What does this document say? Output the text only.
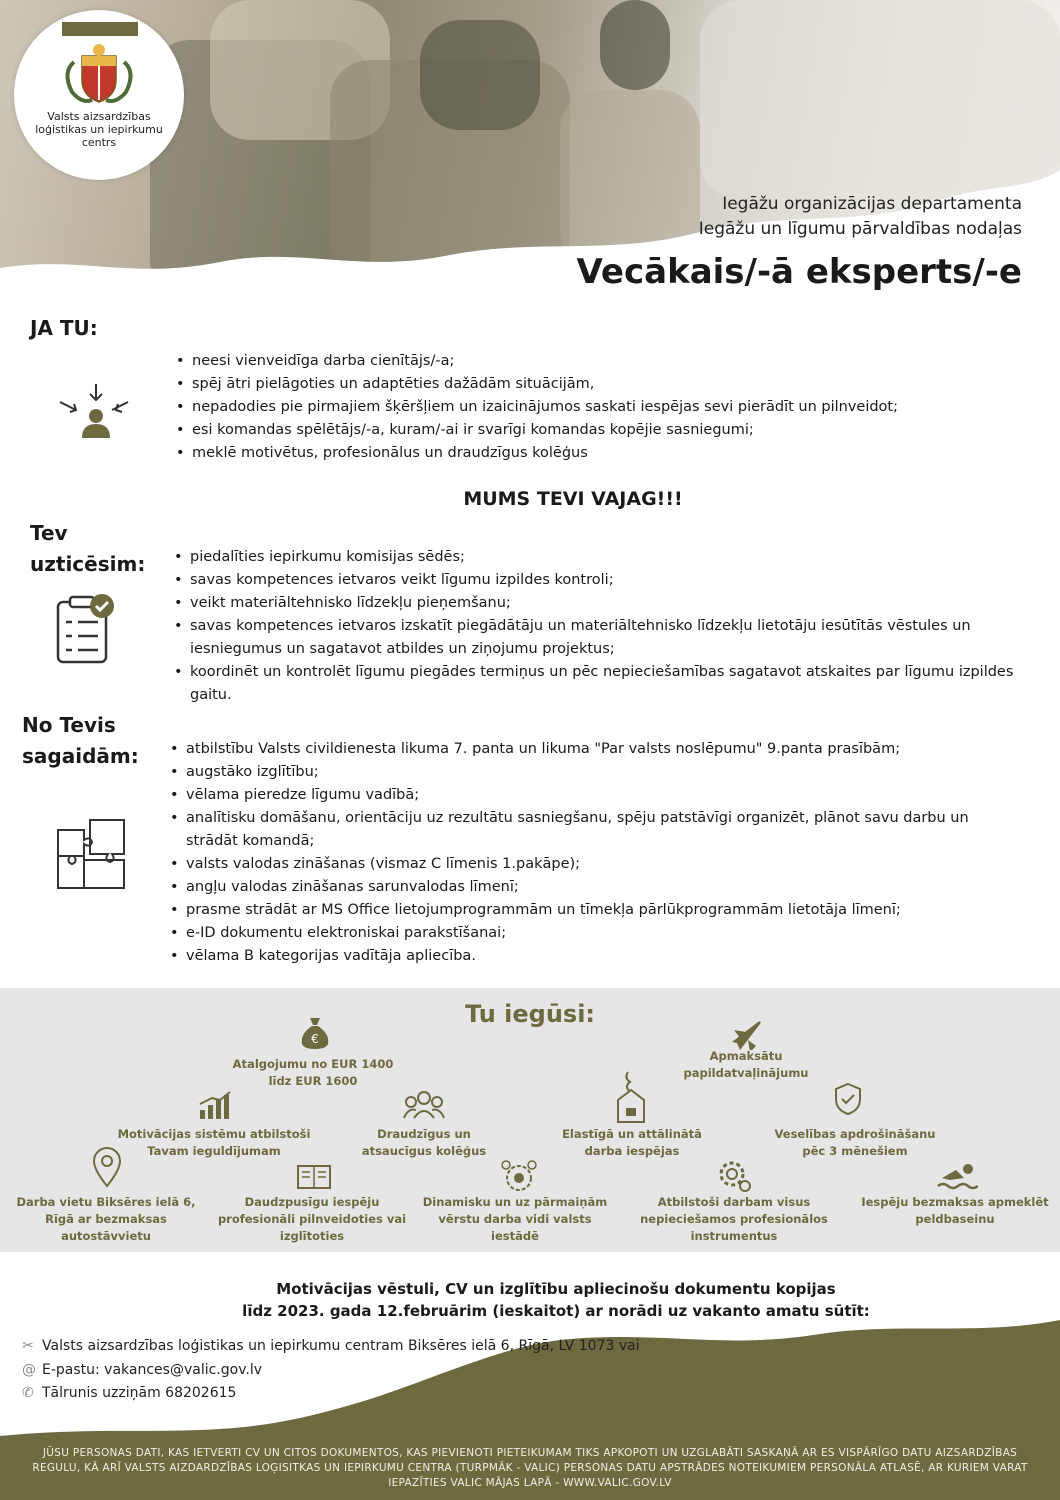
Valsts aizsardzības
loģistikas un iepirkumu
centrs
Iegāžu organizācijas departamenta
Iegāžu un līgumu pārvaldības nodaļas
Vecākais/-ā eksperts/-e
JA TU:
• neesi vienveidīga darba cienītājs/-a;
• spēj ātri pielāgoties un adaptēties dažādām situācijām,
• nepadodies pie pirmajiem šķēršļiem un izaicinājumos saskati iespējas sevi pierādīt un pilnveidot;
• esi komandas spēlētājs/-a, kuram/-ai ir svarīgi komandas kopējie sasniegumi;
• meklē motivētus, profesionālus un draudzīgus kolēģus
MUMS TEVI VAJAG!!!
Tev
uzticēsim:	• piedalīties iepirkumu komisijas sēdēs;
• savas kompetences ietvaros veikt līgumu izpildes kontroli;
• veikt materiāltehnisko līdzekļu pieņemšanu;
• savas kompetences ietvaros izskatīt piegādātāju un materiāltehnisko līdzekļu lietotāju iesūtītās vēstules un iesniegumus un sagatavot atbildes un ziņojumu projektus;
• koordinēt un kontrolēt līgumu piegādes termiņus un pēc nepieciešamības sagatavot atskaites par līgumu izpildes gaitu.
No Tevis
sagaidām:	• atbilstību Valsts civildienesta likuma 7. panta un likuma "Par valsts noslēpumu" 9.panta prasībām;
• augstāko izglītību;
• vēlama pieredze līgumu vadībā;
• analītisku domāšanu, orientāciju uz rezultātu sasniegšanu, spēju patstāvīgi organizēt, plānot savu darbu un strādāt komandā;
• valsts valodas zināšanas (vismaz C līmenis 1.pakāpe);
• angļu valodas zināšanas sarunvalodas līmenī;
• prasme strādāt ar MS Office lietojumprogrammām un tīmekļa pārlūkprogrammām lietotāja līmenī;
• e-ID dokumentu elektroniskai parakstīšanai;
• vēlama B kategorijas vadītāja apliecība.
Tu iegūsi:
€
Atalgojumu no EUR 1400 līdz EUR 1600
Apmaksātu papildatvaļinājumu
Motivācijas sistēmu atbilstoši Tavam ieguldījumam
Draudzīgus un atsaucīgus kolēģus
Elastīgā un attālinātā darba iespējas
Veselības apdrošināšanu pēc 3 mēnešiem
Darba vietu Biksēres ielā 6, Rīgā ar bezmaksas autostāvvietu
Daudzpusīgu iespēju profesionāli pilnveidoties vai izglītoties
Dinamisku un uz pārmaiņām vērstu darba vidi valsts iestādē
Atbilstoši darbam visus nepieciešamos profesionālos instrumentus
Iespēju bezmaksas apmeklēt peldbaseinu
Motivācijas vēstuli, CV un izglītību apliecinošu dokumentu kopijas
līdz 2023. gada 12.februārim (ieskaitot) ar norādi uz vakanto amatu sūtīt:
✂ Valsts aizsardzības loģistikas un iepirkumu centram Biksēres ielā 6, Rīgā, LV 1073 vai
@ E-pastu: vakances@valic.gov.lv
✆ Tālrunis uzziņām 68202615
JŪSU PERSONAS DATI, KAS IETVERTI CV UN CITOS DOKUMENTOS, KAS PIEVIENOTI PIETEIKUMAM TIKS APKOPOTI UN UZGLABĀTI SASKAŅĀ AR ES VISPĀRĪGO DATU AIZSARDZĪBAS REGULU, KĀ ARĪ VALSTS AIZDARDZĪBAS LOĢISITKAS UN IEPIRKUMU CENTRA (TURPMĀK - VALIC) PERSONAS DATU APSTRĀDES NOTEIKUMIEM PERSONĀLA ATLASĒ, AR KURIEM VARAT IEPAZĪTIES VALIC MĀJAS LAPĀ - WWW.VALIC.GOV.LV
